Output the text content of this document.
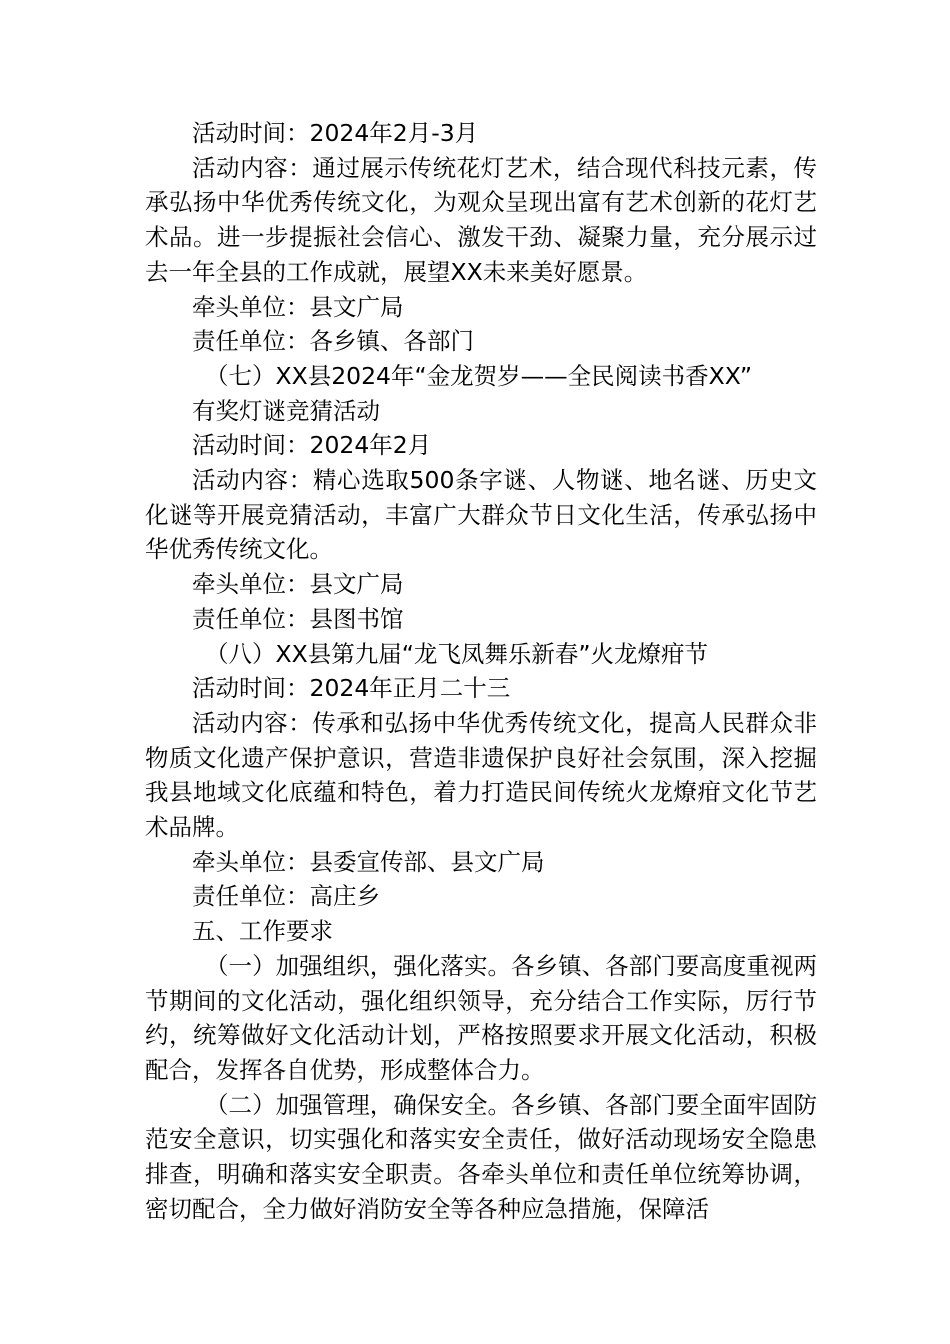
活动时间：2024年2月-3月

活动内容：通过展示传统花灯艺术，结合现代科技元素，传承弘扬中华优秀传统文化，为观众呈现出富有艺术创新的花灯艺术品。进一步提振社会信心、激发干劲、凝聚力量，充分展示过去一年全县的工作成就，展望XX未来美好愿景。

牵头单位：县文广局

责任单位：各乡镇、各部门

（七）XX县2024年“金龙贺岁——全民阅读书香XX”

有奖灯谜竞猜活动

活动时间：2024年2月

活动内容：精心选取500条字谜、人物谜、地名谜、历史文化谜等开展竞猜活动，丰富广大群众节日文化生活，传承弘扬中华优秀传统文化。

牵头单位：县文广局

责任单位：县图书馆

（八）XX县第九届“龙飞凤舞乐新春”火龙燎疳节

活动时间：2024年正月二十三

活动内容：传承和弘扬中华优秀传统文化，提高人民群众非物质文化遗产保护意识，营造非遗保护良好社会氛围，深入挖掘我县地域文化底蕴和特色，着力打造民间传统火龙燎疳文化节艺术品牌。

牵头单位：县委宣传部、县文广局

责任单位：高庄乡

五、工作要求

（一）加强组织，强化落实。各乡镇、各部门要高度重视两节期间的文化活动，强化组织领导，充分结合工作实际，厉行节约，统筹做好文化活动计划，严格按照要求开展文化活动，积极配合，发挥各自优势，形成整体合力。

（二）加强管理，确保安全。各乡镇、各部门要全面牢固防范安全意识，切实强化和落实安全责任，做好活动现场安全隐患排查，明确和落实安全职责。各牵头单位和责任单位统筹协调，密切配合，全力做好消防安全等各种应急措施，保障活
